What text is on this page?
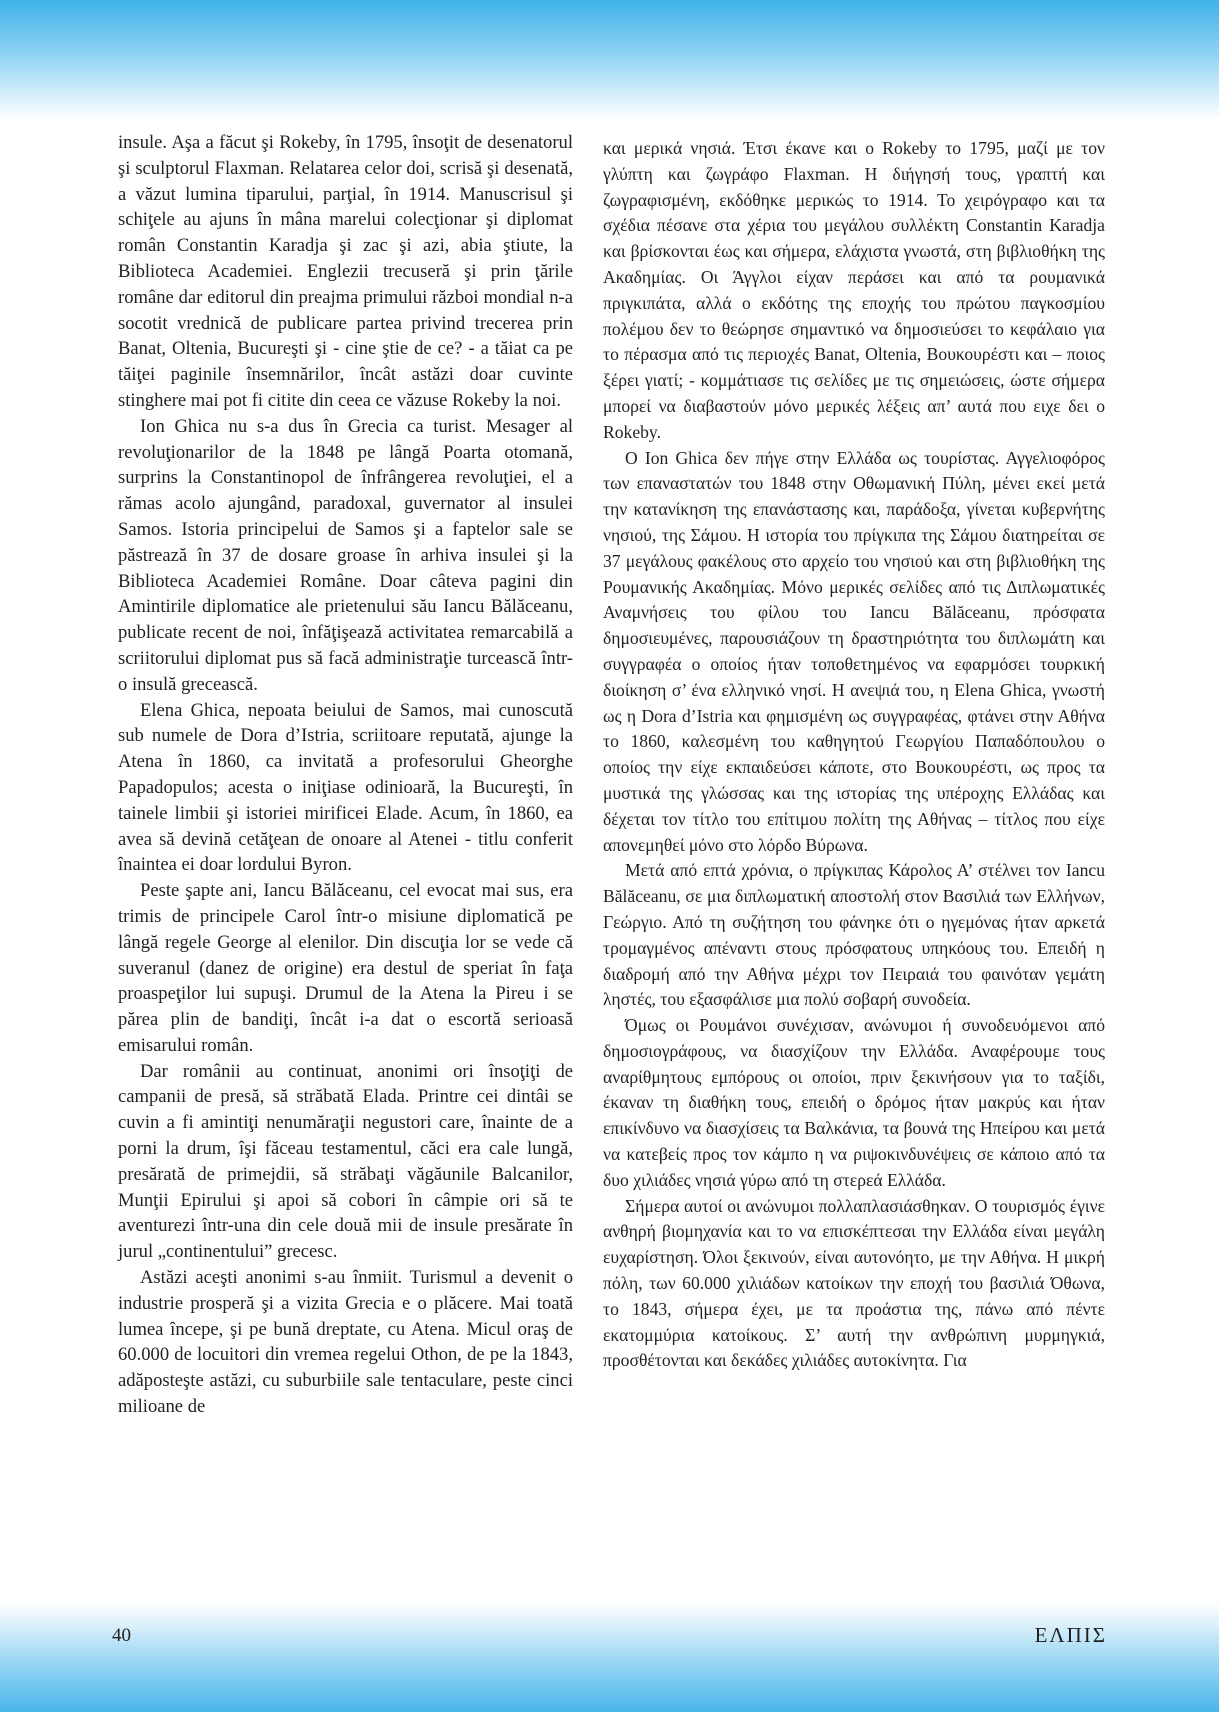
insule. Aşa a făcut şi Rokeby, în 1795, însoţit de desenatorul şi sculptorul Flaxman. Relatarea celor doi, scrisă şi desenată, a văzut lumina tiparului, parţial, în 1914. Manuscrisul şi schiţele au ajuns în mâna marelui colecţionar şi diplomat român Constantin Karadja şi zac şi azi, abia ştiute, la Biblioteca Academiei. Englezii trecuseră şi prin ţările române dar editorul din preajma primului război mondial n-a socotit vrednică de publicare partea privind trecerea prin Banat, Oltenia, Bucureşti şi - cine ştie de ce? - a tăiat ca pe tăiţei paginile însemnărilor, încât astăzi doar cuvinte stinghere mai pot fi citite din ceea ce văzuse Rokeby la noi.

Ion Ghica nu s-a dus în Grecia ca turist. Mesager al revoluţionarilor de la 1848 pe lângă Poarta otomană, surprins la Constantinopol de înfrângerea revoluţiei, el a rămas acolo ajungând, paradoxal, guvernator al insulei Samos. Istoria principelui de Samos şi a faptelor sale se păstrează în 37 de dosare groase în arhiva insulei şi la Biblioteca Academiei Române. Doar câteva pagini din Amintirile diplomatice ale prietenului său Iancu Bălăceanu, publicate recent de noi, înfăţişează activitatea remarcabilă a scriitorului diplomat pus să facă administraţie turcească într-o insulă grecească.

Elena Ghica, nepoata beiului de Samos, mai cunoscută sub numele de Dora d’Istria, scriitoare reputată, ajunge la Atena în 1860, ca invitată a profesorului Gheorghe Papadopulos; acesta o iniţiase odinioară, la Bucureşti, în tainele limbii şi istoriei mirificei Elade. Acum, în 1860, ea avea să devină cetăţean de onoare al Atenei - titlu conferit înaintea ei doar lordului Byron.

Peste şapte ani, Iancu Bălăceanu, cel evocat mai sus, era trimis de principele Carol într-o misiune diplomatică pe lângă regele George al elenilor. Din discuţia lor se vede că suveranul (danez de origine) era destul de speriat în faţa proaspeţilor lui supuşi. Drumul de la Atena la Pireu i se părea plin de bandiţi, încât i-a dat o escortă serioasă emisarului român.

Dar românii au continuat, anonimi ori însoţiţi de campanii de presă, să străbată Elada. Printre cei dintâi se cuvin a fi amintiţi nenumăraţii negustori care, înainte de a porni la drum, îşi făceau testamentul, căci era cale lungă, presărată de primejdii, să străbaţi văgăunile Balcanilor, Munţii Epirului şi apoi să cobori în câmpie ori să te aventurezi într-una din cele două mii de insule presărate în jurul „continentului” grecesc.

Astăzi aceşti anonimi s-au înmiit. Turismul a devenit o industrie prosperă şi a vizita Grecia e o plăcere. Mai toată lumea începe, şi pe bună dreptate, cu Atena. Micul oraş de 60.000 de locuitori din vremea regelui Othon, de pe la 1843, adăposteşte astăzi, cu suburbiile sale tentaculare, peste cinci milioane de

και μερικά νησιά. Έτσι έκανε και ο Rokeby το 1795, μαζί με τον γλύπτη και ζωγράφο Flaxman. Η διήγησή τους, γραπτή και ζωγραφισμένη, εκδόθηκε μερικώς το 1914. Το χειρόγραφο και τα σχέδια πέσανε στα χέρια του μεγάλου συλλέκτη Constantin Karadja και βρίσκονται έως και σήμερα, ελάχιστα γνωστά, στη βιβλιοθήκη της Ακαδημίας. Οι Άγγλοι είχαν περάσει και από τα ρουμανικά πριγκιπάτα, αλλά ο εκδότης της εποχής του πρώτου παγκοσμίου πολέμου δεν το θεώρησε σημαντικό να δημοσιεύσει το κεφάλαιο για το πέρασμα από τις περιοχές Banat, Oltenia, Βουκουρέστι και – ποιος ξέρει γιατί; - κομμάτιασε τις σελίδες με τις σημειώσεις, ώστε σήμερα μπορεί να διαβαστούν μόνο μερικές λέξεις απ’ αυτά που ειχε δει ο Rokeby.

Ο Ion Ghica δεν πήγε στην Ελλάδα ως τουρίστας. Αγγελιοφόρος των επαναστατών του 1848 στην Οθωμανική Πύλη, μένει εκεί μετά την κατανίκηση της επανάστασης και, παράδοξα, γίνεται κυβερνήτης νησιού, της Σάμου. Η ιστορία του πρίγκιπα της Σάμου διατηρείται σε 37 μεγάλους φακέλους στο αρχείο του νησιού και στη βιβλιοθήκη της Ρουμανικής Ακαδημίας. Μόνο μερικές σελίδες από τις Διπλωματικές Αναμνήσεις του φίλου του Iancu Bălăceanu, πρόσφατα δημοσιευμένες, παρουσιάζουν τη δραστηριότητα του διπλωμάτη και συγγραφέα ο οποίος ήταν τοποθετημένος να εφαρμόσει τουρκική διοίκηση σ’ ένα ελληνικό νησί. Η ανεψιά του, η Elena Ghica, γνωστή ως η Dora d’Istria και φημισμένη ως συγγραφέας, φτάνει στην Αθήνα το 1860, καλεσμένη του καθηγητού Γεωργίου Παπαδόπουλου ο οποίος την είχε εκπαιδεύσει κάποτε, στο Βουκουρέστι, ως προς τα μυστικά της γλώσσας και της ιστορίας της υπέροχης Ελλάδας και δέχεται τον τίτλο του επίτιμου πολίτη της Αθήνας – τίτλος που είχε απονεμηθεί μόνο στο λόρδο Βύρωνα.

Μετά από επτά χρόνια, ο πρίγκιπας Κάρολος Α’ στέλνει τον Iancu Bălăceanu, σε μια διπλωματική αποστολή στον Βασιλιά των Ελλήνων, Γεώργιο. Από τη συζήτηση του φάνηκε ότι ο ηγεμόνας ήταν αρκετά τρομαγμένος απέναντι στους πρόσφατους υπηκόους του. Επειδή η διαδρομή από την Αθήνα μέχρι τον Πειραιά του φαινόταν γεμάτη ληστές, του εξασφάλισε μια πολύ σοβαρή συνοδεία.

Όμως οι Ρουμάνοι συνέχισαν, ανώνυμοι ή συνοδευόμενοι από δημοσιογράφους, να διασχίζουν την Ελλάδα. Αναφέρουμε τους αναρίθμητους εμπόρους οι οποίοι, πριν ξεκινήσουν για το ταξίδι, έκαναν τη διαθήκη τους, επειδή ο δρόμος ήταν μακρύς και ήταν επικίνδυνο να διασχίσεις τα Βαλκάνια, τα βουνά της Ηπείρου και μετά να κατεβείς προς τον κάμπο η να ριψοκινδυνέψεις σε κάποιο από τα δυο χιλιάδες νησιά γύρω από τη στερεά Ελλάδα.

Σήμερα αυτοί οι ανώνυμοι πολλαπλασιάσθηκαν. Ο τουρισμός έγινε ανθηρή βιομηχανία και το να επισκέπτεσαι την Ελλάδα είναι μεγάλη ευχαρίστηση. Όλοι ξεκινούν, είναι αυτονόητο, με την Αθήνα. Η μικρή πόλη, των 60.000 χιλιάδων κατοίκων την εποχή του βασιλιά Όθωνα, το 1843, σήμερα έχει, με τα προάστια της, πάνω από πέντε εκατομμύρια κατοίκους. Σ’ αυτή την ανθρώπινη μυρμηγκιά, προσθέτονται και δεκάδες χιλιάδες αυτοκίνητα. Για

40	ΕΛΠΙΣ
